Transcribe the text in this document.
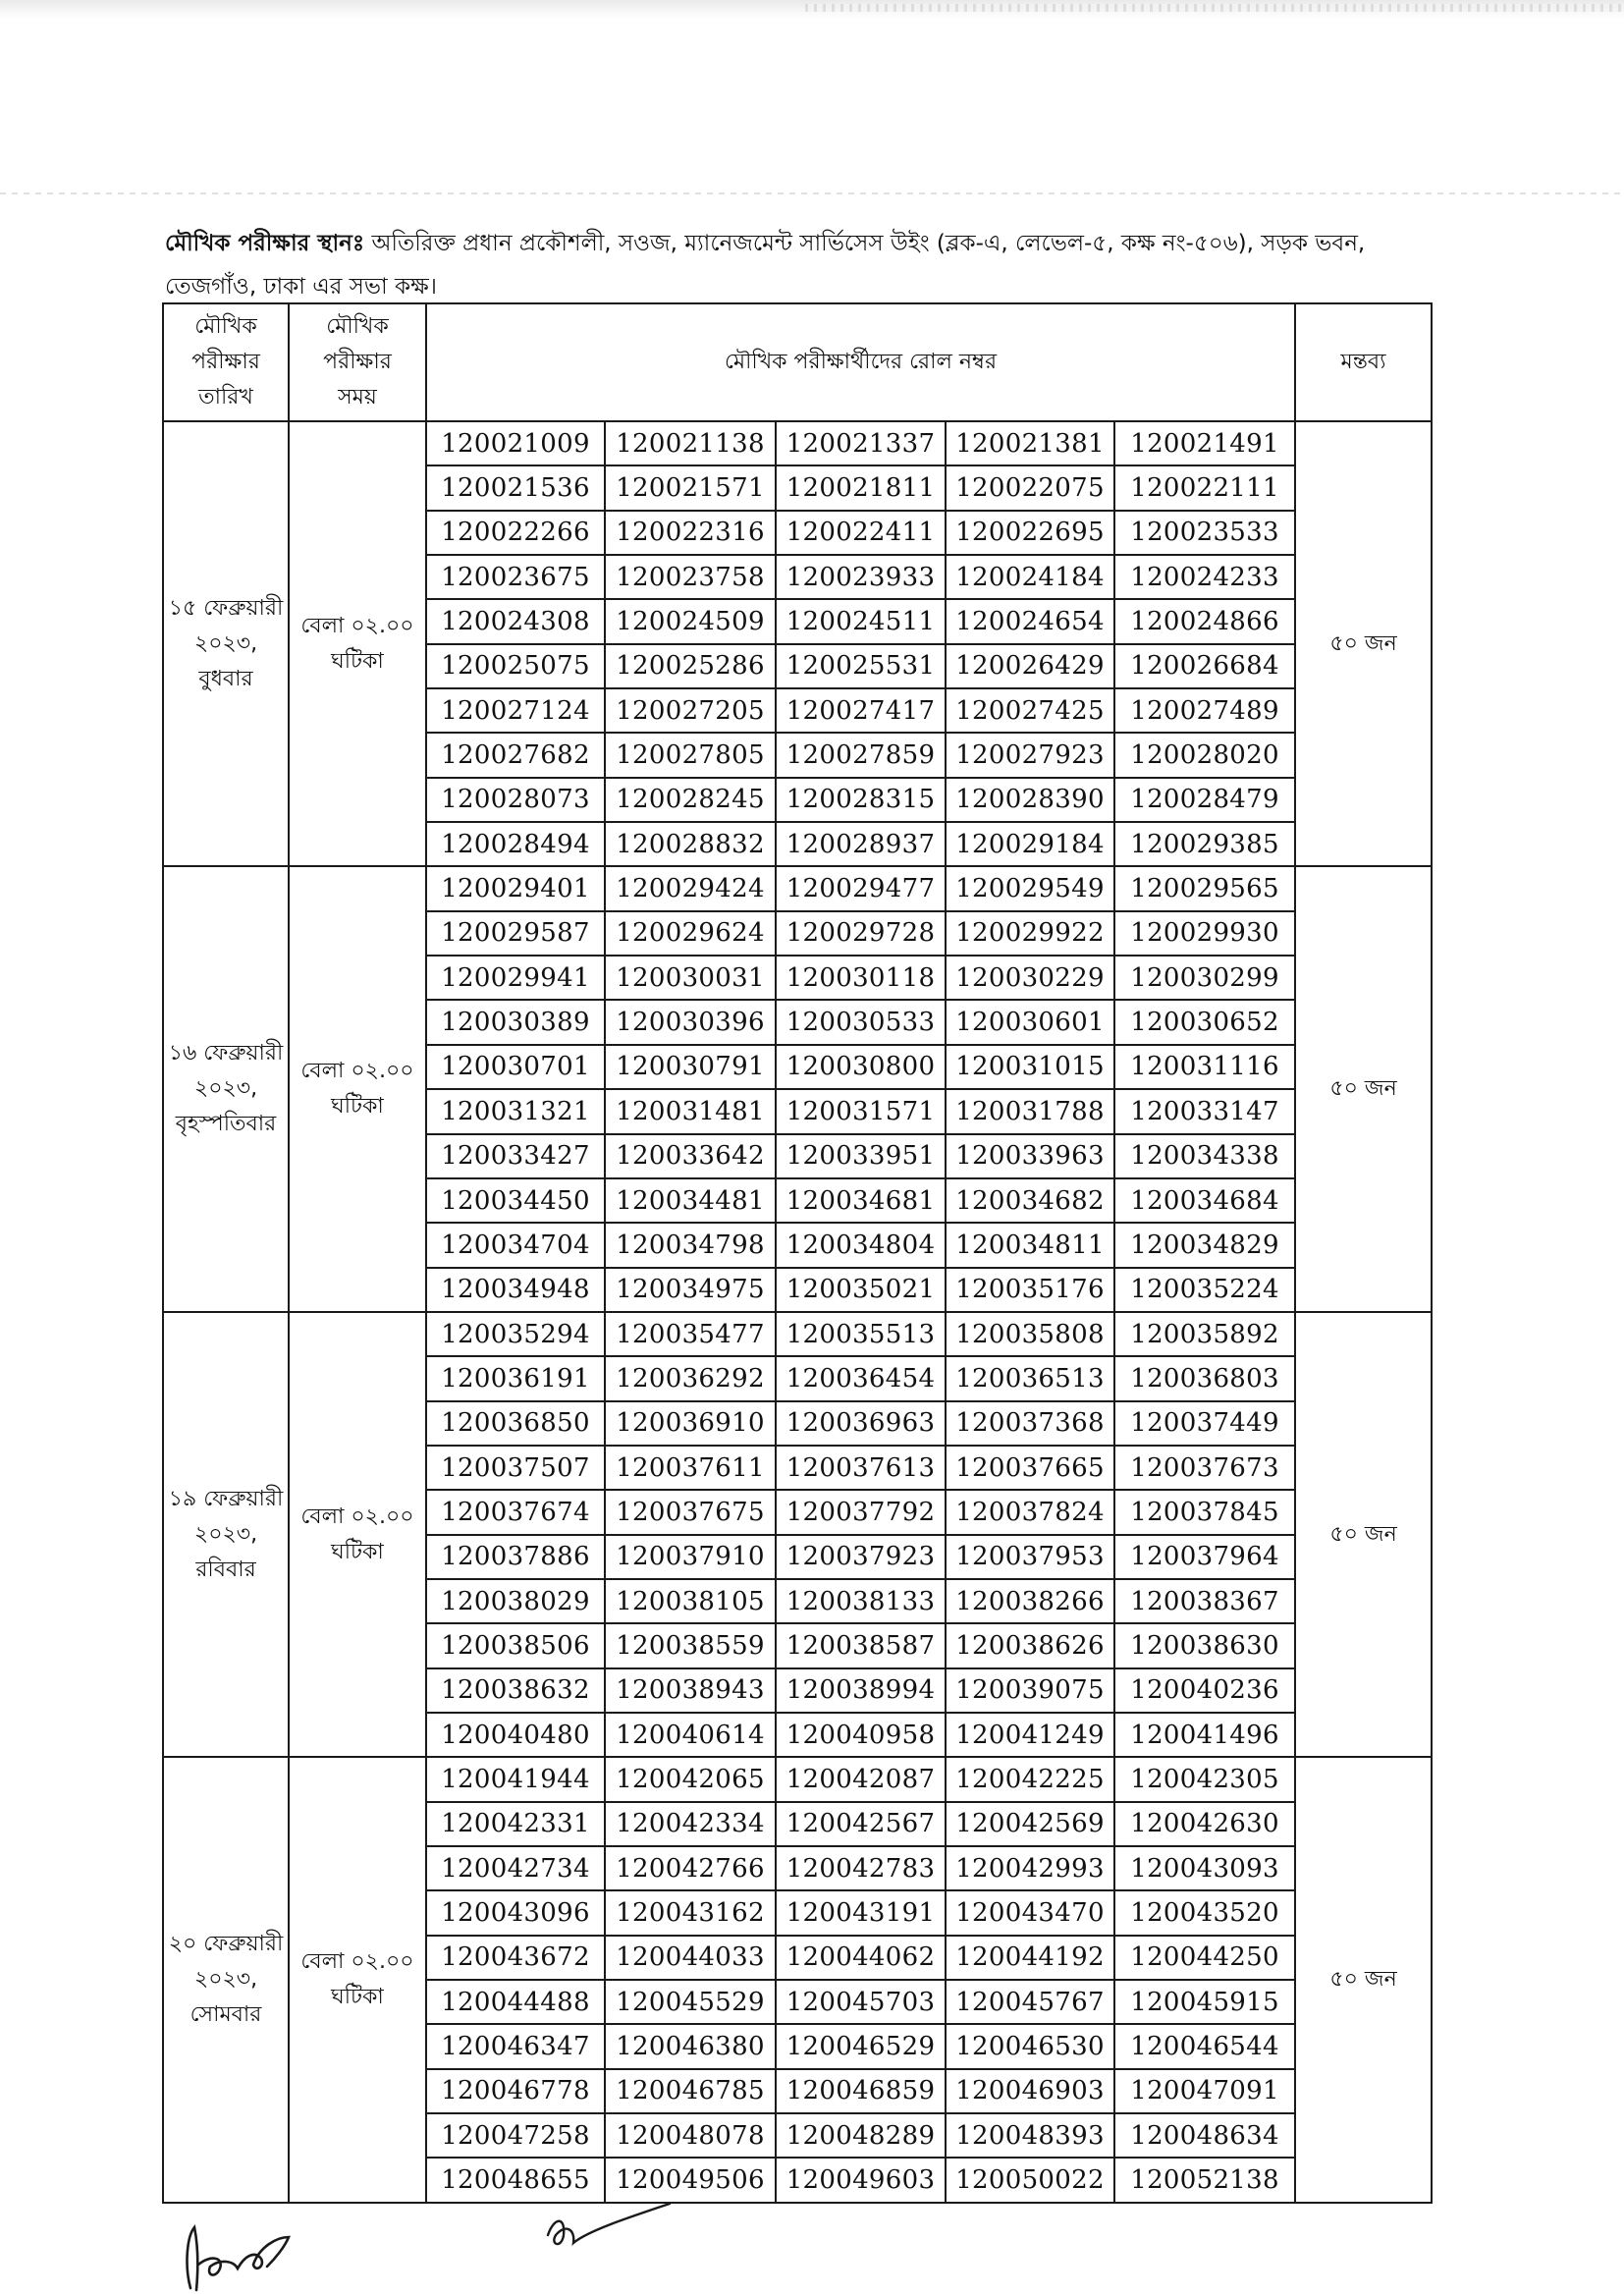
মৌখিক পরীক্ষার স্থানঃ অতিরিক্ত প্রধান প্রকৌশলী, সওজ, ম্যানেজমেন্ট সার্ভিসেস উইং (ব্লক-এ, লেভেল-৫, কক্ষ নং-৫০৬), সড়ক ভবন,
তেজগাঁও, ঢাকা এর সভা কক্ষ।
মৌখিক
পরীক্ষার
তারিখ	মৌখিক
পরীক্ষার
সময়	মৌখিক পরীক্ষার্থীদের রোল নম্বর					মন্তব্য
১৫ ফেব্রুয়ারী
২০২৩,
বুধবার	বেলা ০২.০০
ঘটিকা	120021009	120021138	120021337	120021381	120021491	৫০ জন
		120021536	120021571	120021811	120022075	120022111	
		120022266	120022316	120022411	120022695	120023533	
		120023675	120023758	120023933	120024184	120024233	
		120024308	120024509	120024511	120024654	120024866	
		120025075	120025286	120025531	120026429	120026684	
		120027124	120027205	120027417	120027425	120027489	
		120027682	120027805	120027859	120027923	120028020	
		120028073	120028245	120028315	120028390	120028479	
		120028494	120028832	120028937	120029184	120029385	
১৬ ফেব্রুয়ারী
২০২৩,
বৃহস্পতিবার	বেলা ০২.০০
ঘটিকা	120029401	120029424	120029477	120029549	120029565	৫০ জন
		120029587	120029624	120029728	120029922	120029930	
		120029941	120030031	120030118	120030229	120030299	
		120030389	120030396	120030533	120030601	120030652	
		120030701	120030791	120030800	120031015	120031116	
		120031321	120031481	120031571	120031788	120033147	
		120033427	120033642	120033951	120033963	120034338	
		120034450	120034481	120034681	120034682	120034684	
		120034704	120034798	120034804	120034811	120034829	
		120034948	120034975	120035021	120035176	120035224	
১৯ ফেব্রুয়ারী
২০২৩,
রবিবার	বেলা ০২.০০
ঘটিকা	120035294	120035477	120035513	120035808	120035892	৫০ জন
		120036191	120036292	120036454	120036513	120036803	
		120036850	120036910	120036963	120037368	120037449	
		120037507	120037611	120037613	120037665	120037673	
		120037674	120037675	120037792	120037824	120037845	
		120037886	120037910	120037923	120037953	120037964	
		120038029	120038105	120038133	120038266	120038367	
		120038506	120038559	120038587	120038626	120038630	
		120038632	120038943	120038994	120039075	120040236	
		120040480	120040614	120040958	120041249	120041496	
২০ ফেব্রুয়ারী
২০২৩,
সোমবার	বেলা ০২.০০
ঘটিকা	120041944	120042065	120042087	120042225	120042305	৫০ জন
		120042331	120042334	120042567	120042569	120042630	
		120042734	120042766	120042783	120042993	120043093	
		120043096	120043162	120043191	120043470	120043520	
		120043672	120044033	120044062	120044192	120044250	
		120044488	120045529	120045703	120045767	120045915	
		120046347	120046380	120046529	120046530	120046544	
		120046778	120046785	120046859	120046903	120047091	
		120047258	120048078	120048289	120048393	120048634	
		120048655	120049506	120049603	120050022	120052138	
